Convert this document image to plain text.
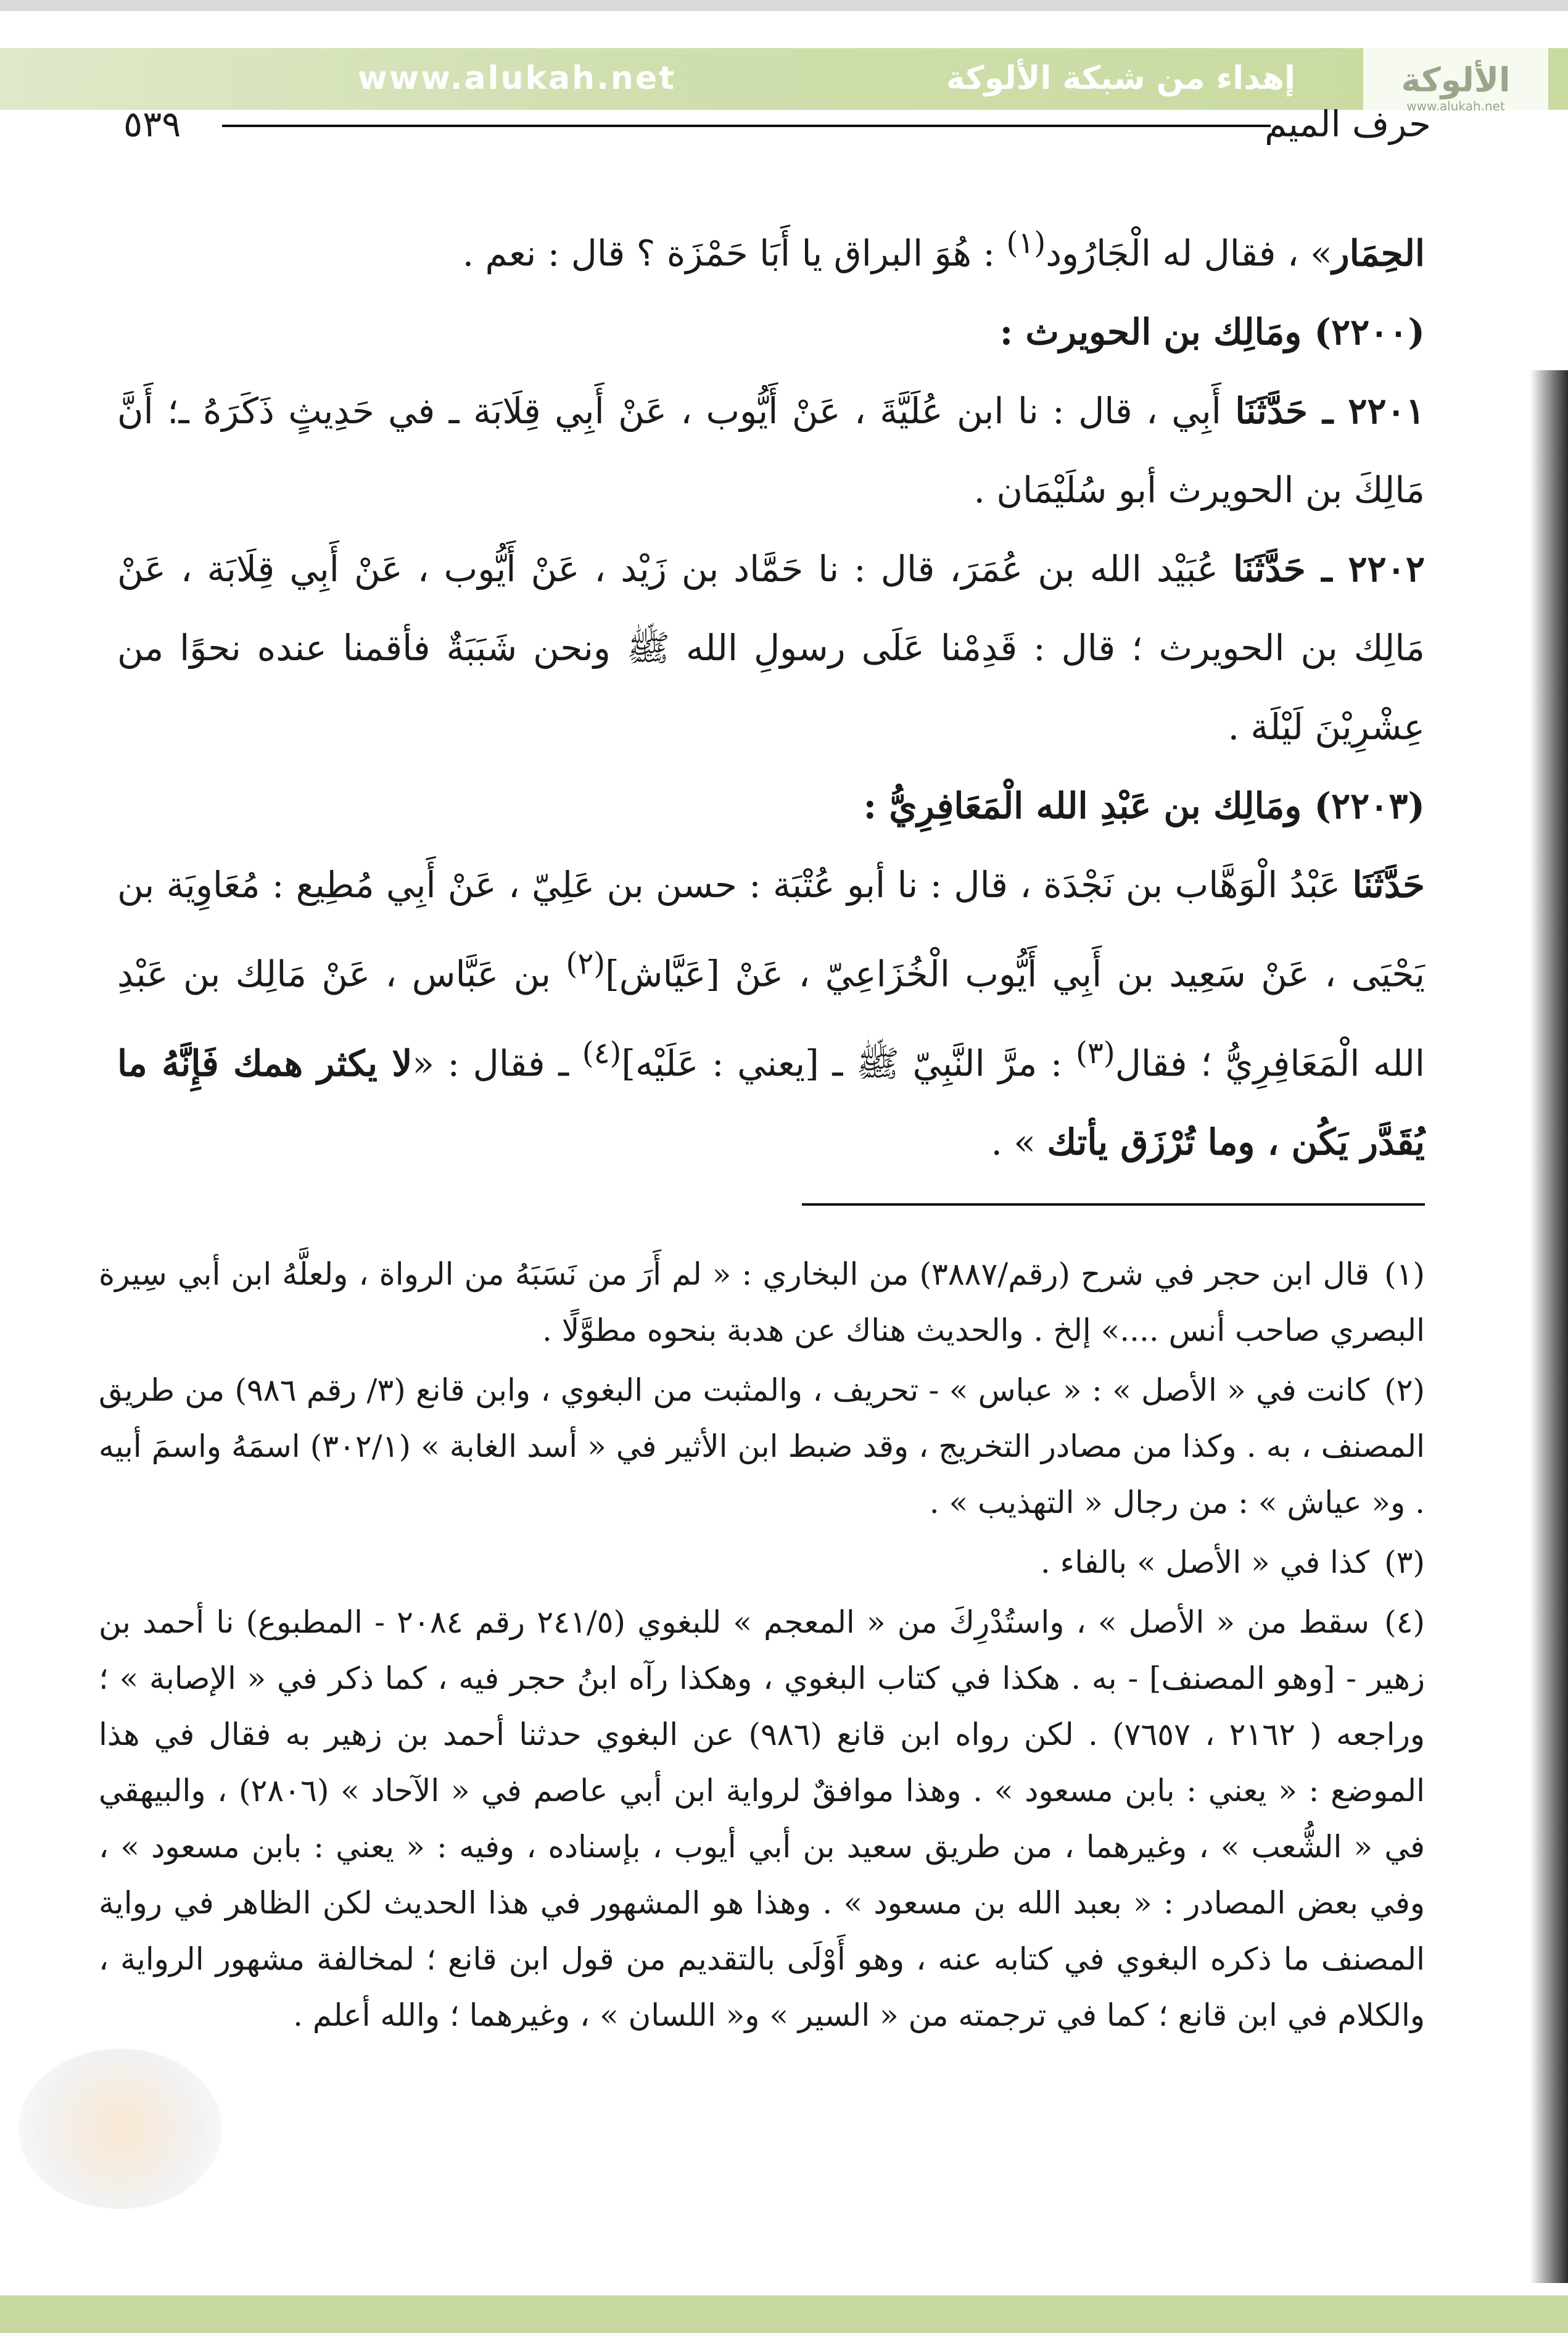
www.alukah.net	إهداء من شبكة الألوكة	الألوكة
www.alukah.net
٥٣٩	حرف الميم

الحِمَار» ، فقال له الْجَارُود$^{(١)}$ : هُوَ البراق يا أَبَا حَمْزَة ؟ قال : نعم .

(٢٢٠٠) ومَالِك بن الحويرث :

٢٢٠١ ـ حَدَّثَنَا أَبِي ، قال : نا ابن عُلَيَّةَ ، عَنْ أَيُّوب ، عَنْ أَبِي قِلَابَة ـ في حَدِيثٍ ذَكَرَهُ ـ؛ أَنَّ مَالِكَ بن الحويرث أبو سُلَيْمَان .

٢٢٠٢ ـ حَدَّثَنَا عُبَيْد الله بن عُمَرَ، قال : نا حَمَّاد بن زَيْد ، عَنْ أَيُّوب ، عَنْ أَبِي قِلَابَة ، عَنْ مَالِك بن الحويرث ؛ قال : قَدِمْنا عَلَى رسولِ الله ﷺ ونحن شَبَبَةٌ فأقمنا عنده نحوًا من عِشْرِيْنَ لَيْلَة .

(٢٢٠٣) ومَالِك بن عَبْدِ الله الْمَعَافِرِيُّ :

حَدَّثَنَا عَبْدُ الْوَهَّاب بن نَجْدَة ، قال : نا أبو عُتْبَة : حسن بن عَلِيّ ، عَنْ أَبِي مُطِيع : مُعَاوِيَة بن يَحْيَى ، عَنْ سَعِيد بن أَبِي أَيُّوب الْخُزَاعِيّ ، عَنْ [عَيَّاش]$^{(٢)}$ بن عَبَّاس ، عَنْ مَالِك بن عَبْدِ الله الْمَعَافِرِيُّ ؛ فقال$^{(٣)}$ : مرَّ النَّبِيّ ﷺ ـ [يعني : عَلَيْه]$^{(٤)}$ ـ فقال : «لا يكثر همك فَإِنَّهُ ما يُقَدَّر يَكُن ، وما تُرْزَق يأتك » .

(١)قال ابن حجر في شرح (رقم/٣٨٨٧) من البخاري : « لم أَرَ من نَسَبَهُ من الرواة ، ولعلَّهُ ابن أبي سِيرة البصري صاحب أنس ....» إلخ . والحديث هناك عن هدبة بنحوه مطوَّلًا .

(٢)كانت في « الأصل » : « عباس » - تحريف ، والمثبت من البغوي ، وابن قانع (٣/ رقم ٩٨٦) من طريق المصنف ، به . وكذا من مصادر التخريج ، وقد ضبط ابن الأثير في « أسد الغابة » (٣٠٢/١) اسمَهُ واسمَ أبيه . و« عياش » : من رجال « التهذيب » .

(٣)كذا في « الأصل » بالفاء .

(٤)سقط من « الأصل » ، واستُدْرِكَ من « المعجم » للبغوي (٢٤١/٥ رقم ٢٠٨٤ - المطبوع) نا أحمد بن زهير - [وهو المصنف] - به . هكذا في كتاب البغوي ، وهكذا رآه ابنُ حجر فيه ، كما ذكر في « الإصابة » ؛ وراجعه ( ٢١٦٢ ، ٧٦٥٧) . لكن رواه ابن قانع (٩٨٦) عن البغوي حدثنا أحمد بن زهير به فقال في هذا الموضع : « يعني : بابن مسعود » . وهذا موافقٌ لرواية ابن أبي عاصم في « الآحاد » (٢٨٠٦) ، والبيهقي في « الشُّعب » ، وغيرهما ، من طريق سعيد بن أبي أيوب ، بإسناده ، وفيه : « يعني : بابن مسعود » ، وفي بعض المصادر : « بعبد الله بن مسعود » . وهذا هو المشهور في هذا الحديث لكن الظاهر في رواية المصنف ما ذكره البغوي في كتابه عنه ، وهو أَوْلَى بالتقديم من قول ابن قانع ؛ لمخالفة مشهور الرواية ، والكلام في ابن قانع ؛ كما في ترجمته من « السير » و« اللسان » ، وغيرهما ؛ والله أعلم .
